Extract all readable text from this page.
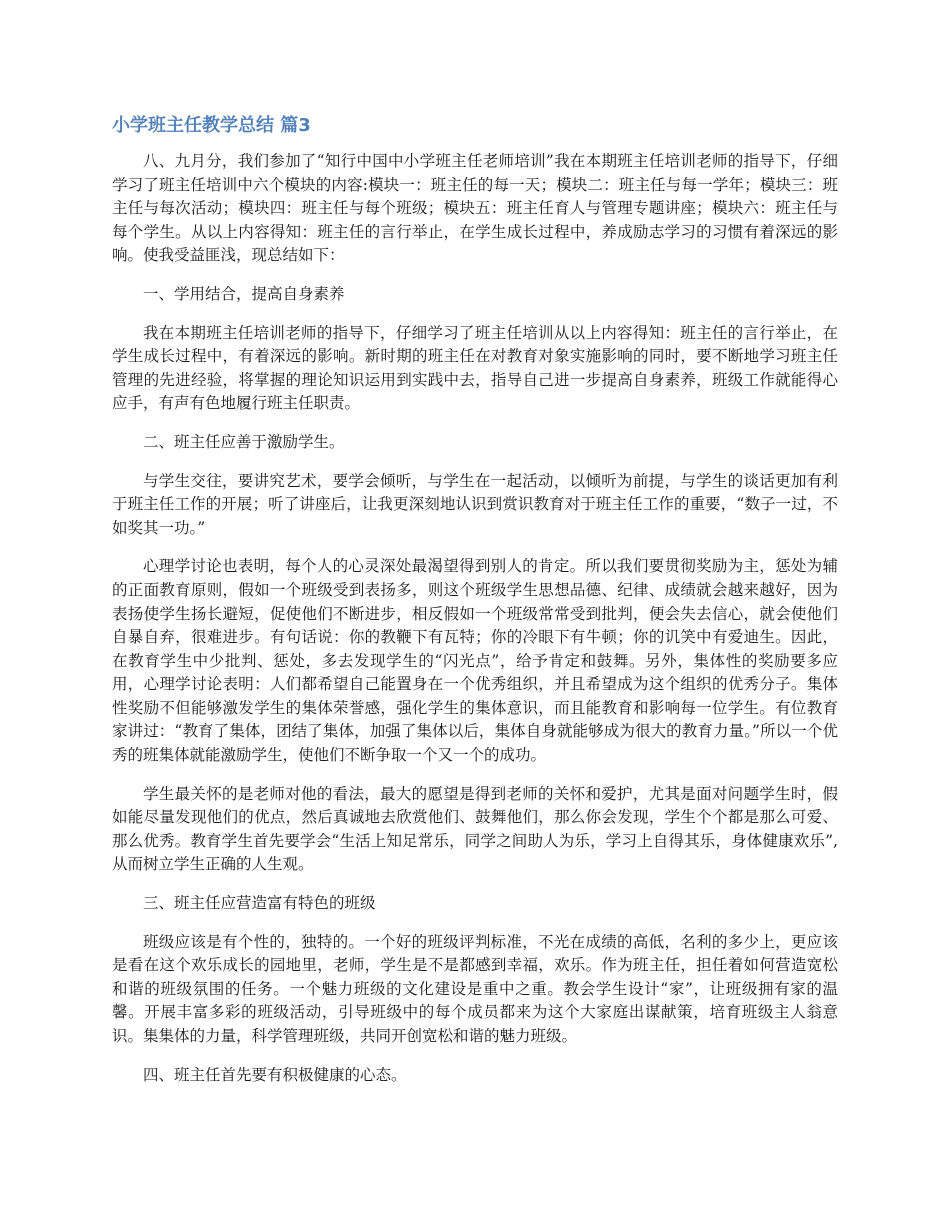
小学班主任教学总结 篇3

八、九月分，我们参加了“知行中国中小学班主任老师培训”我在本期班主任培训老师的指导下，仔细学习了班主任培训中六个模块的内容:模块一：班主任的每一天；模块二：班主任与每一学年；模块三：班主任与每次活动；模块四：班主任与每个班级；模块五：班主任育人与管理专题讲座；模块六：班主任与每个学生。从以上内容得知：班主任的言行举止，在学生成长过程中，养成励志学习的习惯有着深远的影响。使我受益匪浅，现总结如下：

一、学用结合，提高自身素养

我在本期班主任培训老师的指导下，仔细学习了班主任培训从以上内容得知：班主任的言行举止，在学生成长过程中，有着深远的影响。新时期的班主任在对教育对象实施影响的同时，要不断地学习班主任管理的先进经验，将掌握的理论知识运用到实践中去，指导自己进一步提高自身素养，班级工作就能得心应手，有声有色地履行班主任职责。

二、班主任应善于激励学生。

与学生交往，要讲究艺术，要学会倾听，与学生在一起活动，以倾听为前提，与学生的谈话更加有利于班主任工作的开展；听了讲座后，让我更深刻地认识到赏识教育对于班主任工作的重要，“数子一过，不如奖其一功。”

心理学讨论也表明，每个人的心灵深处最渴望得到别人的肯定。所以我们要贯彻奖励为主，惩处为辅的正面教育原则，假如一个班级受到表扬多，则这个班级学生思想品德、纪律、成绩就会越来越好，因为表扬使学生扬长避短，促使他们不断进步，相反假如一个班级常常受到批判，便会失去信心，就会使他们自暴自弃，很难进步。有句话说：你的教鞭下有瓦特；你的冷眼下有牛顿；你的讥笑中有爱迪生。因此，在教育学生中少批判、惩处，多去发现学生的“闪光点”，给予肯定和鼓舞。另外，集体性的奖励要多应用，心理学讨论表明：人们都希望自己能置身在一个优秀组织，并且希望成为这个组织的优秀分子。集体性奖励不但能够激发学生的集体荣誉感，强化学生的集体意识，而且能教育和影响每一位学生。有位教育家讲过：“教育了集体，团结了集体，加强了集体以后，集体自身就能够成为很大的教育力量。”所以一个优秀的班集体就能激励学生，使他们不断争取一个又一个的成功。

学生最关怀的是老师对他的看法，最大的愿望是得到老师的关怀和爱护，尤其是面对问题学生时，假如能尽量发现他们的优点，然后真诚地去欣赏他们、鼓舞他们，那么你会发现，学生个个都是那么可爱、那么优秀。教育学生首先要学会“生活上知足常乐，同学之间助人为乐，学习上自得其乐，身体健康欢乐”,从而树立学生正确的人生观。

三、班主任应营造富有特色的班级

班级应该是有个性的，独特的。一个好的班级评判标准，不光在成绩的高低，名利的多少上，更应该是看在这个欢乐成长的园地里，老师，学生是不是都感到幸福，欢乐。作为班主任，担任着如何营造宽松和谐的班级氛围的任务。一个魅力班级的文化建设是重中之重。教会学生设计“家”，让班级拥有家的温馨。开展丰富多彩的班级活动，引导班级中的每个成员都来为这个大家庭出谋献策，培育班级主人翁意识。集集体的力量，科学管理班级，共同开创宽松和谐的魅力班级。

四、班主任首先要有积极健康的心态。
